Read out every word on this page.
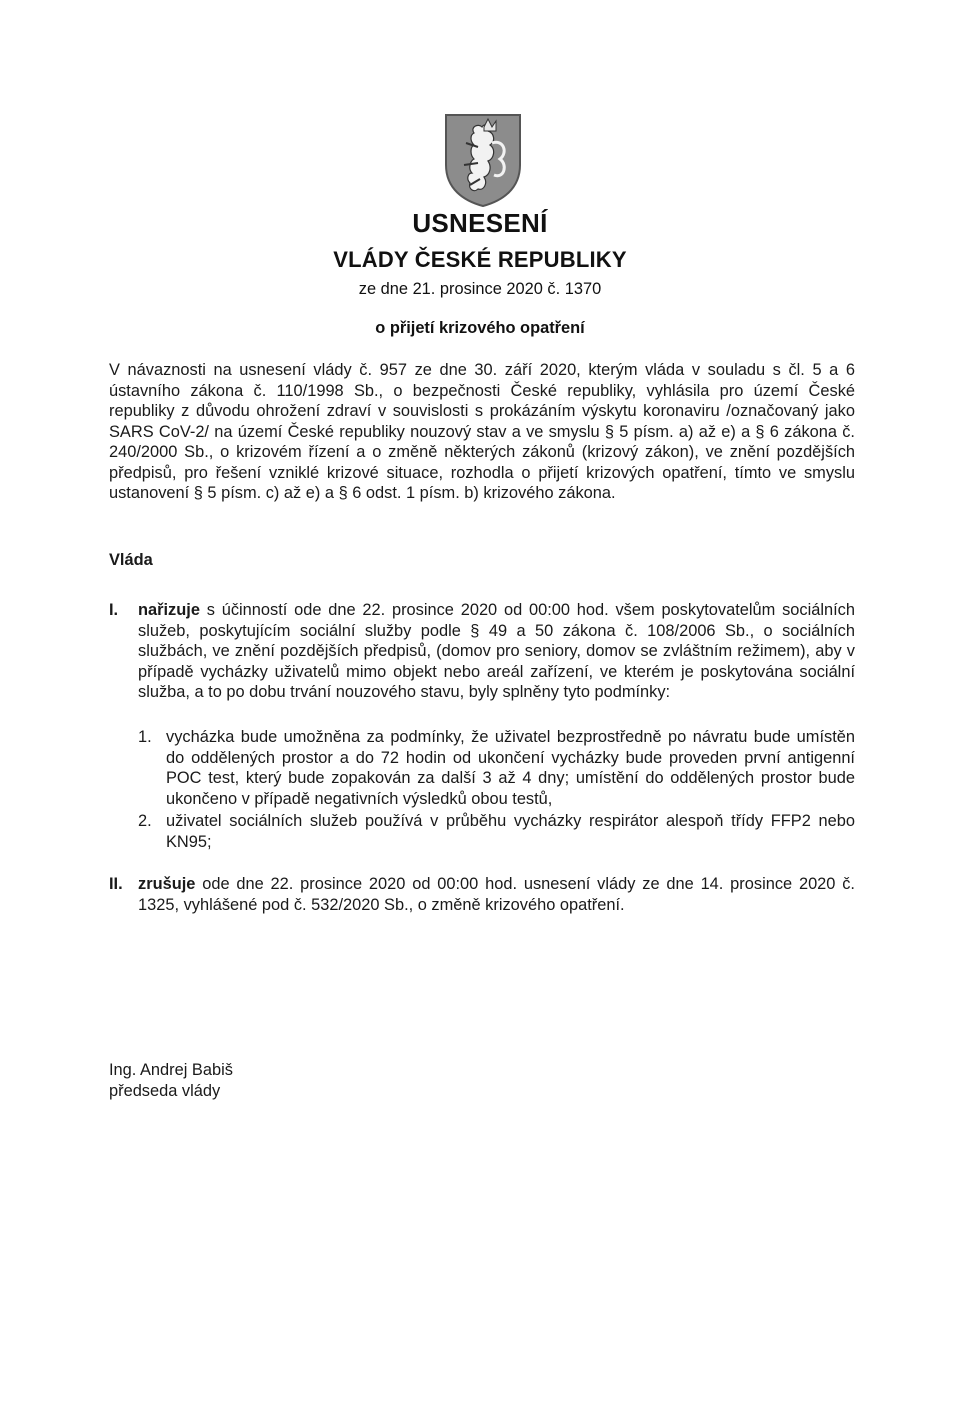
USNESENÍ
VLÁDY ČESKÉ REPUBLIKY
ze dne 21. prosince 2020 č. 1370
o přijetí krizového opatření
V návaznosti na usnesení vlády č. 957 ze dne 30. září 2020, kterým vláda v souladu s čl. 5 a 6 ústavního zákona č. 110/1998 Sb., o bezpečnosti České republiky, vyhlásila pro území České republiky z důvodu ohrožení zdraví v souvislosti s prokázáním výskytu koronaviru /označovaný jako SARS CoV-2/ na území České republiky nouzový stav a ve smyslu § 5 písm. a) až e) a § 6 zákona č. 240/2000 Sb., o krizovém řízení a o změně některých zákonů (krizový zákon), ve znění pozdějších předpisů, pro řešení vzniklé krizové situace, rozhodla o přijetí krizových opatření, tímto ve smyslu ustanovení § 5 písm. c) až e) a § 6 odst. 1 písm. b) krizového zákona.
Vláda
I. nařizuje s účinností ode dne 22. prosince 2020 od 00:00 hod. všem poskytovatelům sociálních služeb, poskytujícím sociální služby podle § 49 a 50 zákona č. 108/2006 Sb., o sociálních službách, ve znění pozdějších předpisů, (domov pro seniory, domov se zvláštním režimem), aby v případě vycházky uživatelů mimo objekt nebo areál zařízení, ve kterém je poskytována sociální služba, a to po dobu trvání nouzového stavu, byly splněny tyto podmínky:
1. vycházka bude umožněna za podmínky, že uživatel bezprostředně po návratu bude umístěn do oddělených prostor a do 72 hodin od ukončení vycházky bude proveden první antigenní POC test, který bude zopakován za další 3 až 4 dny; umístění do oddělených prostor bude ukončeno v případě negativních výsledků obou testů,
2. uživatel sociálních služeb používá v průběhu vycházky respirátor alespoň třídy FFP2 nebo KN95;
II. zrušuje ode dne 22. prosince 2020 od 00:00 hod. usnesení vlády ze dne 14. prosince 2020 č. 1325, vyhlášené pod č. 532/2020 Sb., o změně krizového opatření.
Ing. Andrej Babiš
předseda vlády
